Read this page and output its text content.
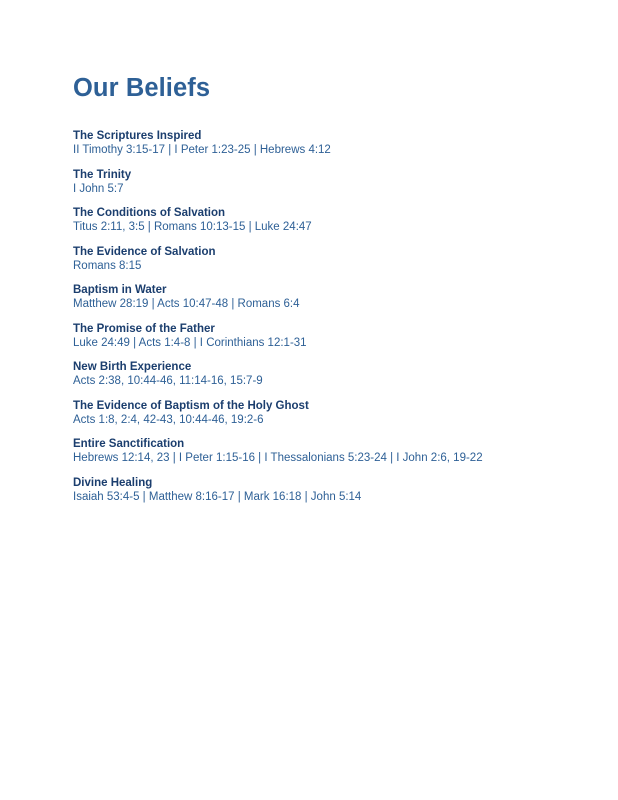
Our Beliefs
The Scriptures Inspired
II Timothy 3:15-17 | I Peter 1:23-25 | Hebrews 4:12
The Trinity
I John 5:7
The Conditions of Salvation
Titus 2:11, 3:5 | Romans 10:13-15 | Luke 24:47
The Evidence of Salvation
Romans 8:15
Baptism in Water
Matthew 28:19 | Acts 10:47-48 | Romans 6:4
The Promise of the Father
Luke 24:49 | Acts 1:4-8 | I Corinthians 12:1-31
New Birth Experience
Acts 2:38, 10:44-46, 11:14-16, 15:7-9
The Evidence of Baptism of the Holy Ghost
Acts 1:8, 2:4, 42-43, 10:44-46, 19:2-6
Entire Sanctification
Hebrews 12:14, 23 | I Peter 1:15-16 | I Thessalonians 5:23-24 | I John 2:6, 19-22
Divine Healing
Isaiah 53:4-5 | Matthew 8:16-17 | Mark 16:18 | John 5:14
